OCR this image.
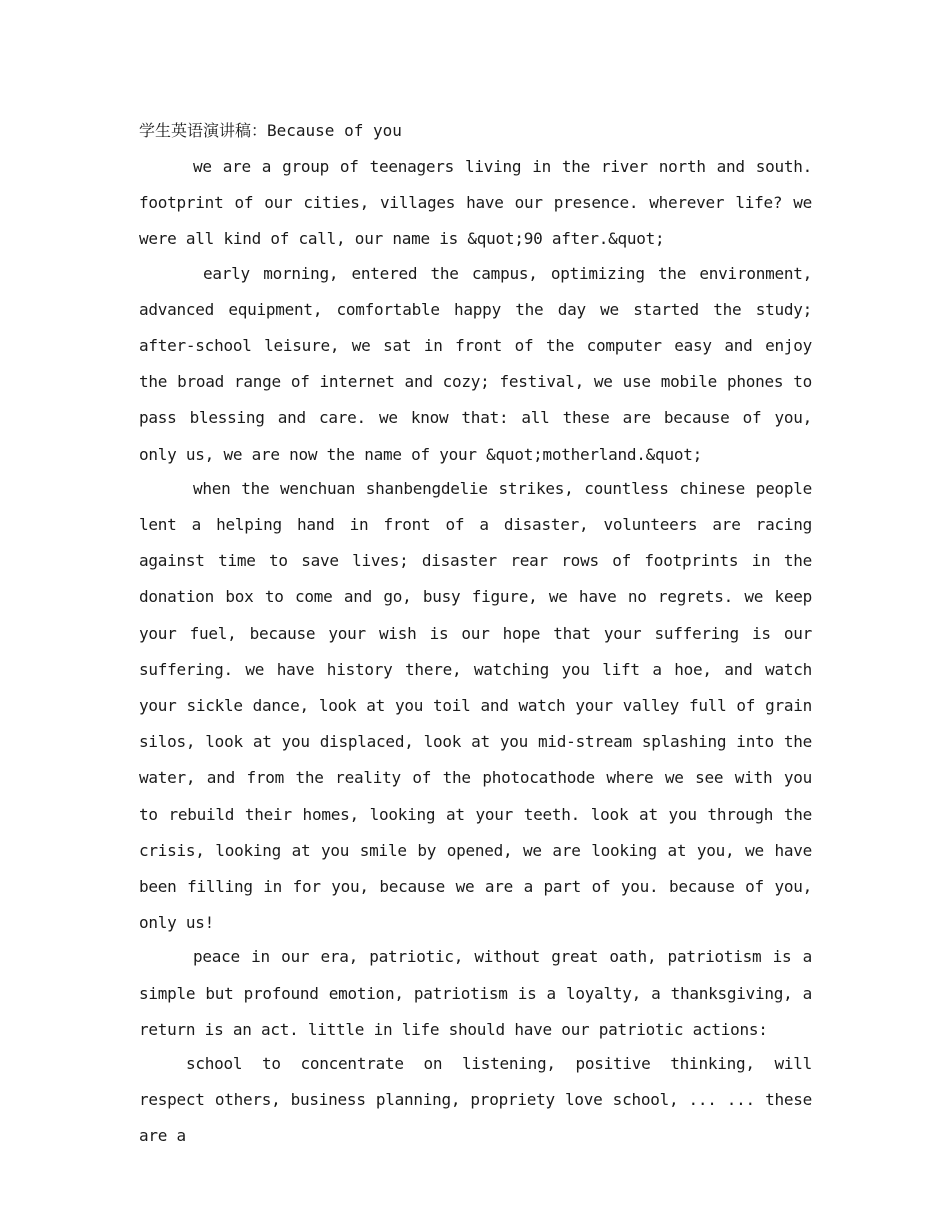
学生英语演讲稿：Because of you

we are a group of teenagers living in the river north and south. footprint of our cities, villages have our presence. wherever life? we were all kind of call, our name is &quot;90 after.&quot;

early morning, entered the campus, optimizing the environment, advanced equipment, comfortable happy the day we started the study; after-school leisure, we sat in front of the computer easy and enjoy the broad range of internet and cozy; festival, we use mobile phones to pass blessing and care. we know that: all these are because of you, only us, we are now the name of your &quot;motherland.&quot;

when the wenchuan shanbengdelie strikes, countless chinese people lent a helping hand in front of a disaster, volunteers are racing against time to save lives; disaster rear rows of footprints in the donation box to come and go, busy figure, we have no regrets. we keep your fuel, because your wish is our hope that your suffering is our suffering. we have history there, watching you lift a hoe, and watch your sickle dance, look at you toil and watch your valley full of grain silos, look at you displaced, look at you mid-stream splashing into the water, and from the reality of the photocathode where we see with you to rebuild their homes, looking at your teeth. look at you through the crisis, looking at you smile by opened, we are looking at you, we have been filling in for you, because we are a part of you. because of you, only us!

peace in our era, patriotic, without great oath, patriotism is a simple but profound emotion, patriotism is a loyalty, a thanksgiving, a return is an act. little in life should have our patriotic actions:

school to concentrate on listening, positive thinking, will respect others, business planning, propriety love school, ... ... these are a
